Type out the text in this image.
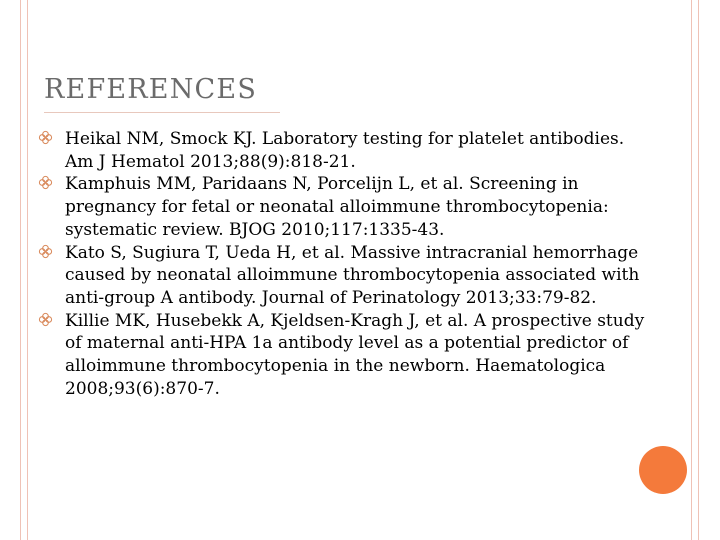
REFERENCES
Heikal NM, Smock KJ. Laboratory testing for platelet antibodies. Am J Hematol 2013;88(9):818-21.
Kamphuis MM, Paridaans N, Porcelijn L, et al. Screening in pregnancy for fetal or neonatal alloimmune thrombocytopenia: systematic review. BJOG 2010;117:1335-43.
Kato S, Sugiura T, Ueda H, et al. Massive intracranial hemorrhage caused by neonatal alloimmune thrombocytopenia associated with anti-group A antibody. Journal of Perinatology 2013;33:79-82.
Killie MK, Husebekk A, Kjeldsen-Kragh J, et al. A prospective study of maternal anti-HPA 1a antibody level as a potential predictor of alloimmune thrombocytopenia in the newborn. Haematologica 2008;93(6):870-7.
